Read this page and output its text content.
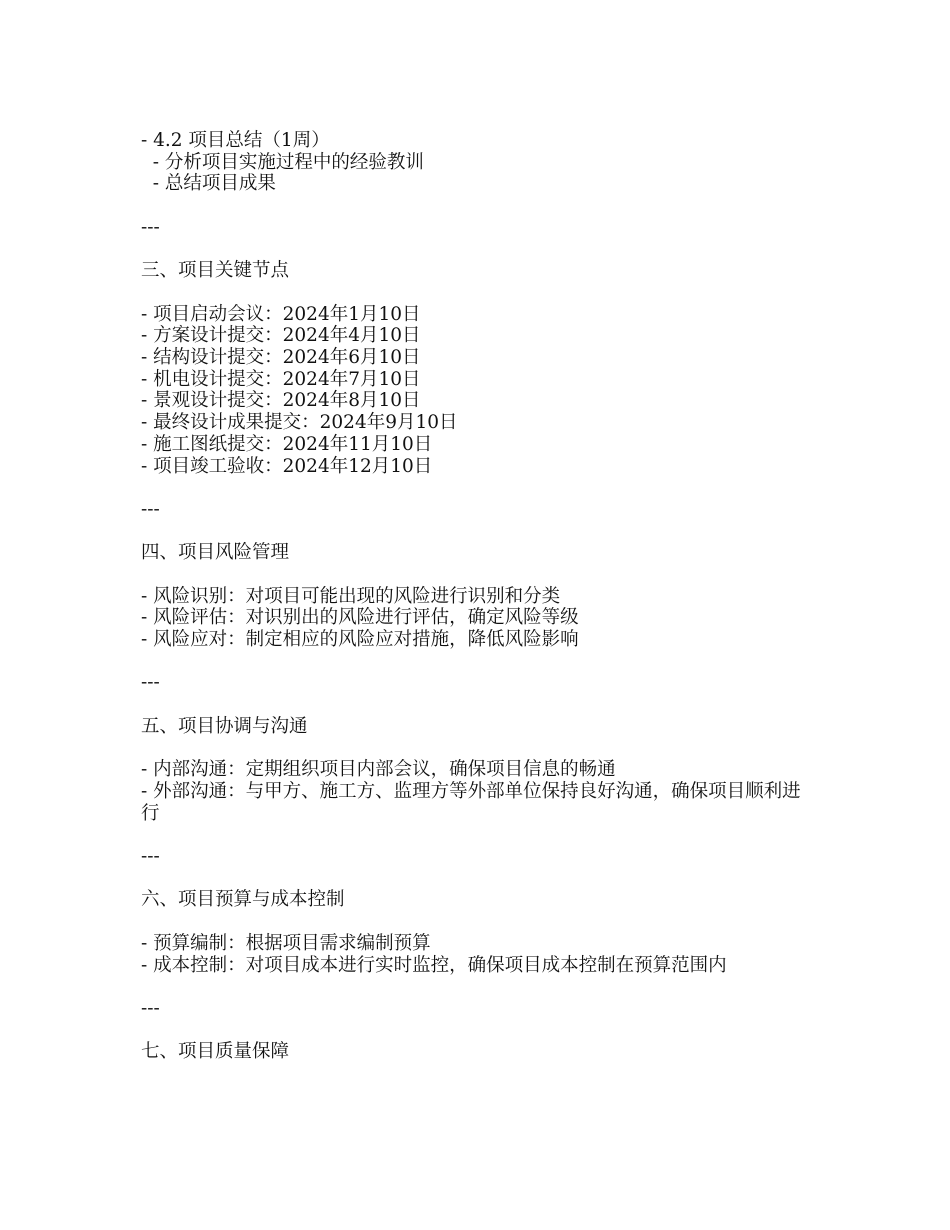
- 4.2 项目总结（1周）
- 分析项目实施过程中的经验教训
- 总结项目成果
---
三、项目关键节点
- 项目启动会议：2024年1月10日
- 方案设计提交：2024年4月10日
- 结构设计提交：2024年6月10日
- 机电设计提交：2024年7月10日
- 景观设计提交：2024年8月10日
- 最终设计成果提交：2024年9月10日
- 施工图纸提交：2024年11月10日
- 项目竣工验收：2024年12月10日
---
四、项目风险管理
- 风险识别：对项目可能出现的风险进行识别和分类
- 风险评估：对识别出的风险进行评估，确定风险等级
- 风险应对：制定相应的风险应对措施，降低风险影响
---
五、项目协调与沟通
- 内部沟通：定期组织项目内部会议，确保项目信息的畅通
- 外部沟通：与甲方、施工方、监理方等外部单位保持良好沟通，确保项目顺利进行
---
六、项目预算与成本控制
- 预算编制：根据项目需求编制预算
- 成本控制：对项目成本进行实时监控，确保项目成本控制在预算范围内
---
七、项目质量保障
